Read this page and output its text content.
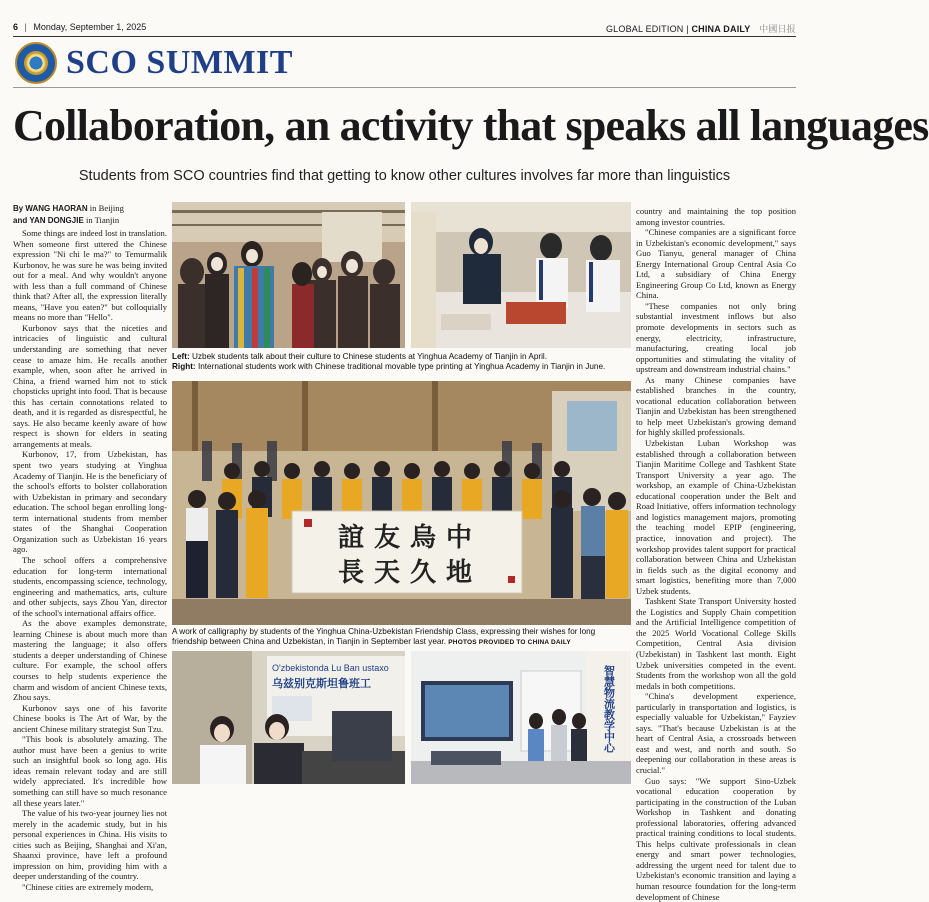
6 | Monday, September 1, 2025	GLOBAL EDITION | CHINA DAILY 中國日报
SCO SUMMIT
Collaboration, an activity that speaks all languages
Students from SCO countries find that getting to know other cultures involves far more than linguistics
By WANG HAORAN in Beijing
and YAN DONGJIE in Tianjin

Some things are indeed lost in translation. When someone first uttered the Chinese expression "Ni chi le ma?" to Temurmalik Kurbonov, he was sure he was being invited out for a meal. And why wouldn't anyone with less than a full command of Chinese think that? After all, the expression literally means, "Have you eaten?" but colloquially means no more than "Hello".

Kurbonov says that the niceties and intricacies of linguistic and cultural understanding are something that never cease to amaze him. He recalls another example, when, soon after he arrived in China, a friend warned him not to stick chopsticks upright into food. That is because this has certain connotations related to death, and it is regarded as disrespectful, he says. He also became keenly aware of how respect is shown for elders in seating arrangements at meals.

Kurbonov, 17, from Uzbekistan, has spent two years studying at Yinghua Academy of Tianjin. He is the beneficiary of the school's efforts to bolster collaboration with Uzbekistan in primary and secondary education. The school began enrolling long-term international students from member states of the Shanghai Cooperation Organization such as Uzbekistan 16 years ago.

The school offers a comprehensive education for long-term international students, encompassing science, technology, engineering and mathematics, arts, culture and other subjects, says Zhou Yan, director of the school's international affairs office.

As the above examples demonstrate, learning Chinese is about much more than mastering the language; it also offers students a deeper understanding of Chinese culture. For example, the school offers courses to help students experience the charm and wisdom of ancient Chinese texts, Zhou says.

Kurbonov says one of his favorite Chinese books is The Art of War, by the ancient Chinese military strategist Sun Tzu.

"This book is absolutely amazing. The author must have been a genius to write such an insightful book so long ago. His ideas remain relevant today and are still widely appreciated. It's incredible how something can still have so much resonance all these years later."

The value of his two-year journey lies not merely in the academic study, but in his personal experiences in China. His visits to cities such as Beijing, Shanghai and Xi'an, Shaanxi province, have left a profound impression on him, providing him with a deeper understanding of the country.

"Chinese cities are extremely modern,

country and maintaining the top position among investor countries.

"Chinese companies are a significant force in Uzbekistan's economic development," says Guo Tianyu, general manager of China Energy International Group Central Asia Co Ltd, a subsidiary of China Energy Engineering Group Co Ltd, known as Energy China.

"These companies not only bring substantial investment inflows but also promote developments in sectors such as energy, electricity, infrastructure, manufacturing, creating local job opportunities and stimulating the vitality of upstream and downstream industrial chains."

As many Chinese companies have established branches in the country, vocational education collaboration between Tianjin and Uzbekistan has been strengthened to help meet Uzbekistan's growing demand for highly skilled professionals.

Uzbekistan Luban Workshop was established through a collaboration between Tianjin Maritime College and Tashkent State Transport University a year ago. The workshop, an example of China-Uzbekistan educational cooperation under the Belt and Road Initiative, offers information technology and logistics management majors, promoting the teaching model EPIP (engineering, practice, innovation and project). The workshop provides talent support for practical collaboration between China and Uzbekistan in fields such as the digital economy and smart logistics, benefiting more than 7,000 Uzbek students.

Tashkent State Transport University hosted the Logistics and Supply Chain competition and the Artificial Intelligence competition of the 2025 World Vocational College Skills Competition, Central Asia division (Uzbekistan) in Tashkent last month. Eight Uzbek universities competed in the event. Students from the workshop won all the gold medals in both competitions.

"China's development experience, particularly in transportation and logistics, is especially valuable for Uzbekistan," Fayziev says. "That's because Uzbekistan is at the heart of Central Asia, a crossroads between east and west, and north and south. So deepening our collaboration in these areas is crucial."

Guo says: "We support Sino-Uzbek vocational education cooperation by participating in the construction of the Luban Workshop in Tashkent and donating professional laboratories, offering advanced practical training conditions to local students. This helps cultivate professionals in clean energy and smart power technologies, addressing the urgent need for talent due to Uzbekistan's economic transition and laying a human resource foundation for the long-term development of Chinese

Left: Uzbek students talk about their culture to Chinese students at Yinghua Academy of Tianjin in April.
Right: International students work with Chinese traditional movable type printing at Yinghua Academy in Tianjin in June.
誼友烏中
長天久地
A work of calligraphy by students of the Yinghua China-Uzbekistan Friendship Class, expressing their wishes for long friendship between China and Uzbekistan, in Tianjin in September last year. PHOTOS PROVIDED TO CHINA DAILY
O'zbekistonda Lu Ban ustaxo
乌兹别克斯坦鲁班工	智慧物流教学中心
